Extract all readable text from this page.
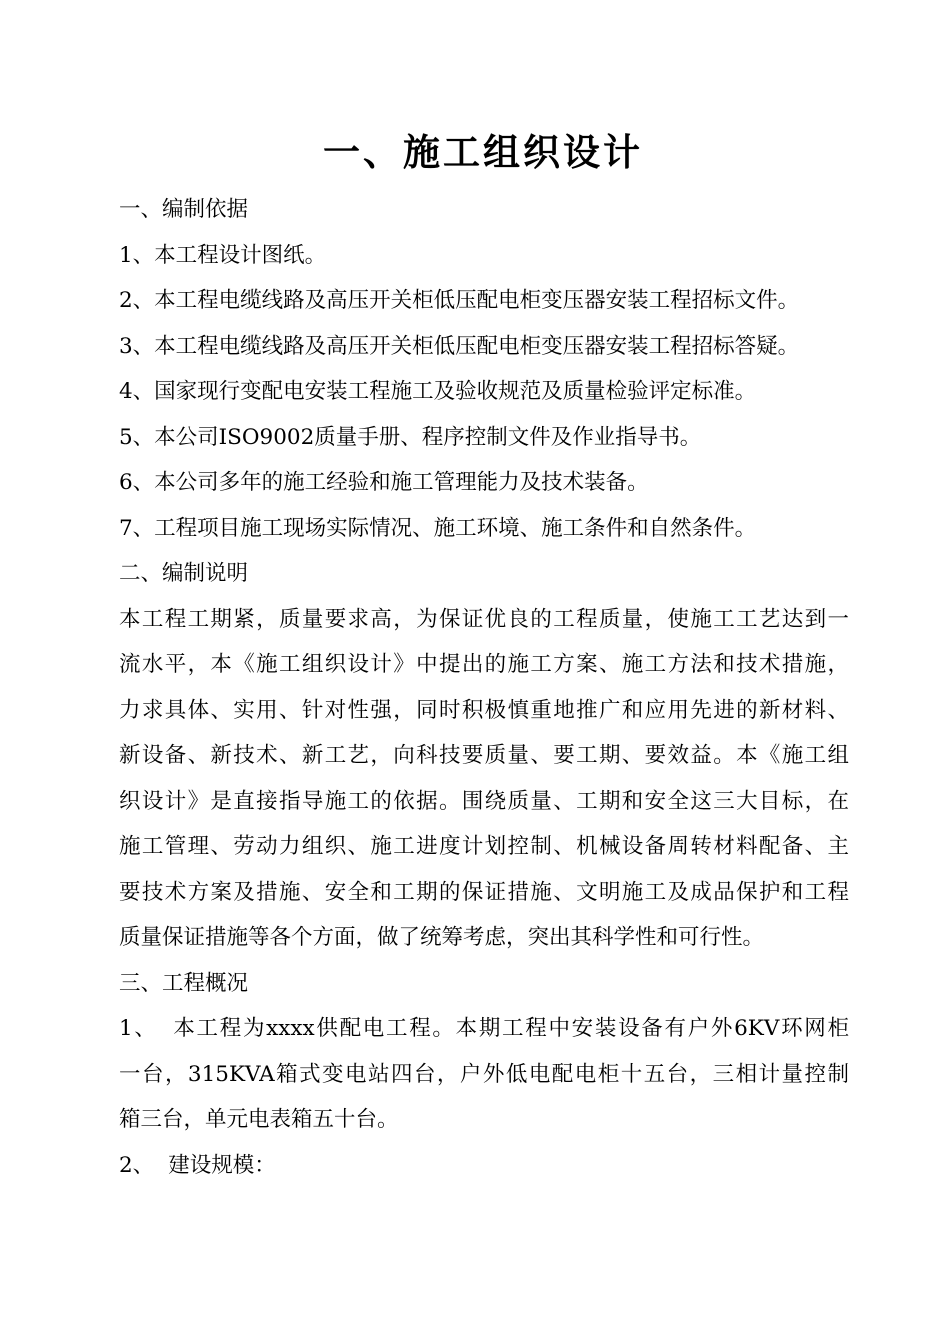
一、施工组织设计
一、编制依据
1、本工程设计图纸。
2、本工程电缆线路及高压开关柜低压配电柜变压器安装工程招标文件。
3、本工程电缆线路及高压开关柜低压配电柜变压器安装工程招标答疑。
4、国家现行变配电安装工程施工及验收规范及质量检验评定标准。
5、本公司ISO9002质量手册、程序控制文件及作业指导书。
6、本公司多年的施工经验和施工管理能力及技术装备。
7、工程项目施工现场实际情况、施工环境、施工条件和自然条件。
二、编制说明
本工程工期紧，质量要求高，为保证优良的工程质量，使施工工艺达到一
流水平，本《施工组织设计》中提出的施工方案、施工方法和技术措施，
力求具体、实用、针对性强，同时积极慎重地推广和应用先进的新材料、
新设备、新技术、新工艺，向科技要质量、要工期、要效益。本《施工组
织设计》是直接指导施工的依据。围绕质量、工期和安全这三大目标，在
施工管理、劳动力组织、施工进度计划控制、机械设备周转材料配备、主
要技术方案及措施、安全和工期的保证措施、文明施工及成品保护和工程
质量保证措施等各个方面，做了统筹考虑，突出其科学性和可行性。
三、工程概况
1、 本工程为xxxx供配电工程。本期工程中安装设备有户外6KV环网柜
一台，315KVA箱式变电站四台，户外低电配电柜十五台，三相计量控制
箱三台，单元电表箱五十台。
2、 建设规模：
